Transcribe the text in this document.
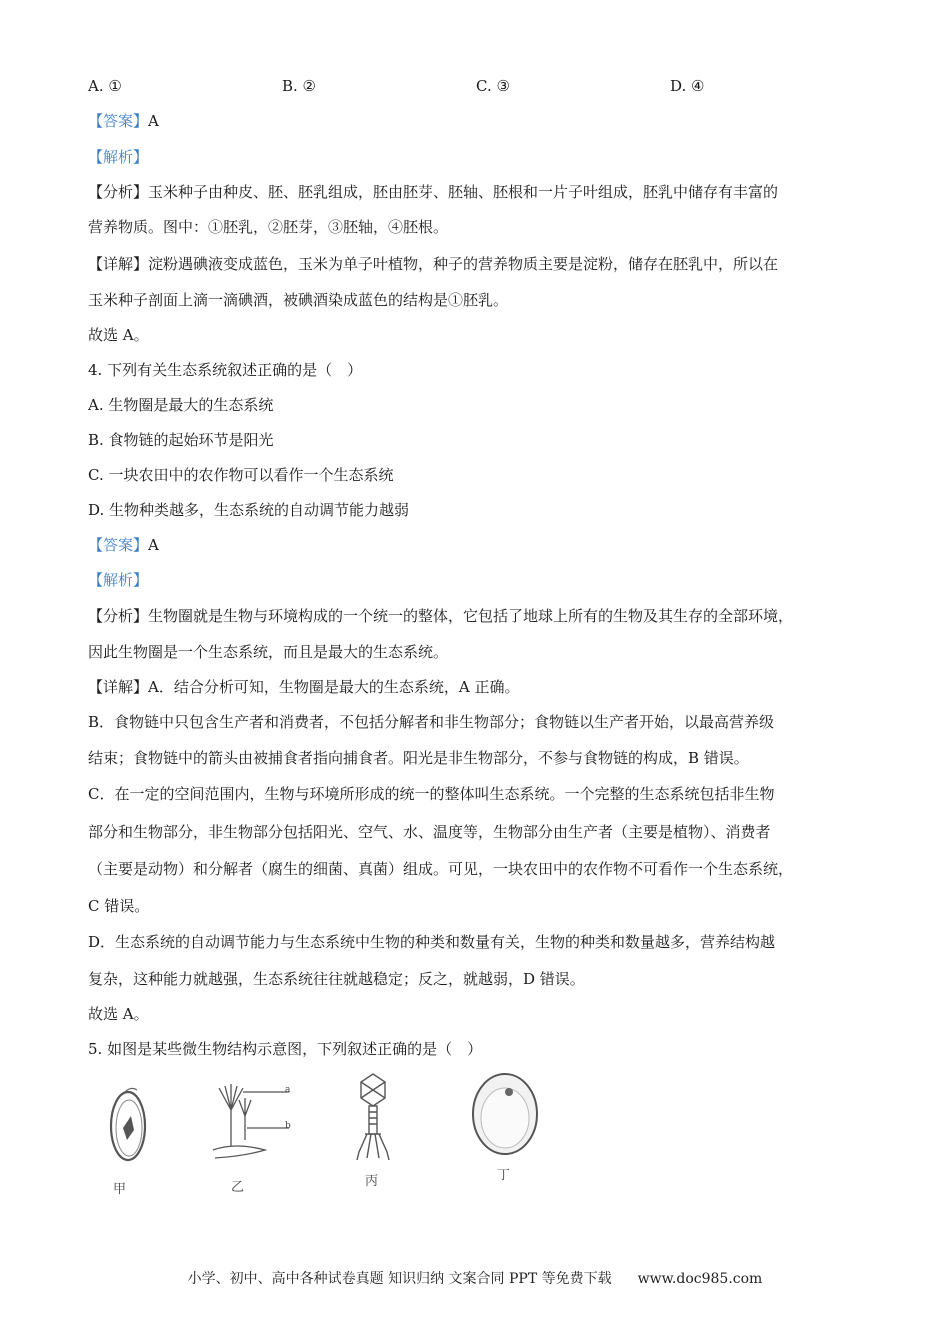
A. ①	B. ②	C. ③	D. ④
【答案】A
【解析】
【分析】玉米种子由种皮、胚、胚乳组成，胚由胚芽、胚轴、胚根和一片子叶组成，胚乳中储存有丰富的
营养物质。图中：①胚乳，②胚芽，③胚轴，④胚根。
【详解】淀粉遇碘液变成蓝色，玉米为单子叶植物，种子的营养物质主要是淀粉，储存在胚乳中，所以在
玉米种子剖面上滴一滴碘酒，被碘酒染成蓝色的结构是①胚乳。
故选 A。
4. 下列有关生态系统叙述正确的是（　）
A. 生物圈是最大的生态系统
B. 食物链的起始环节是阳光
C. 一块农田中的农作物可以看作一个生态系统
D. 生物种类越多，生态系统的自动调节能力越弱
【答案】A
【解析】
【分析】生物圈就是生物与环境构成的一个统一的整体，它包括了地球上所有的生物及其生存的全部环境，
因此生物圈是一个生态系统，而且是最大的生态系统。
【详解】A．结合分析可知，生物圈是最大的生态系统，A 正确。
B．食物链中只包含生产者和消费者，不包括分解者和非生物部分；食物链以生产者开始，以最高营养级
结束；食物链中的箭头由被捕食者指向捕食者。阳光是非生物部分，不参与食物链的构成，B 错误。
C．在一定的空间范围内，生物与环境所形成的统一的整体叫生态系统。一个完整的生态系统包括非生物
部分和生物部分，非生物部分包括阳光、空气、水、温度等，生物部分由生产者（主要是植物）、消费者
（主要是动物）和分解者（腐生的细菌、真菌）组成。可见，一块农田中的农作物不可看作一个生态系统，
C 错误。
D．生态系统的自动调节能力与生态系统中生物的种类和数量有关，生物的种类和数量越多，营养结构越
复杂，这种能力就越强，生态系统往往就越稳定；反之，就越弱，D 错误。
故选 A。
5. 如图是某些微生物结构示意图，下列叙述正确的是（　）
甲
a
b
乙	丙	丁
小学、初中、高中各种试卷真题 知识归纳 文案合同 PPT 等免费下载 www.doc985.com
